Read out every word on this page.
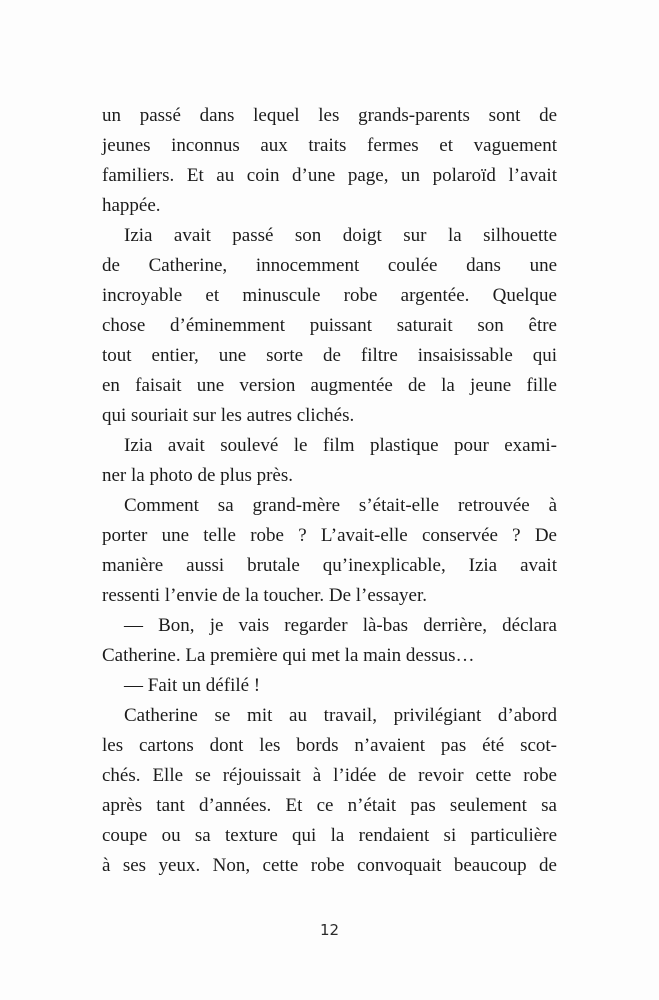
un passé dans lequel les grands-parents sont de
jeunes inconnus aux traits fermes et vaguement
familiers. Et au coin d’une page, un polaroïd l’avait
happée.
Izia avait passé son doigt sur la silhouette
de Catherine, innocemment coulée dans une
incroyable et minuscule robe argentée. Quelque
chose d’éminemment puissant saturait son être
tout entier, une sorte de filtre insaisissable qui
en faisait une version augmentée de la jeune fille
qui souriait sur les autres clichés.
Izia avait soulevé le film plastique pour exami-
ner la photo de plus près.
Comment sa grand-mère s’était-elle retrouvée à
porter une telle robe ? L’avait-elle conservée ? De
manière aussi brutale qu’inexplicable, Izia avait
ressenti l’envie de la toucher. De l’essayer.
— Bon, je vais regarder là-bas derrière, déclara
Catherine. La première qui met la main dessus…
— Fait un défilé !
Catherine se mit au travail, privilégiant d’abord
les cartons dont les bords n’avaient pas été scot-
chés. Elle se réjouissait à l’idée de revoir cette robe
après tant d’années. Et ce n’était pas seulement sa
coupe ou sa texture qui la rendaient si particulière
à ses yeux. Non, cette robe convoquait beaucoup de
12
